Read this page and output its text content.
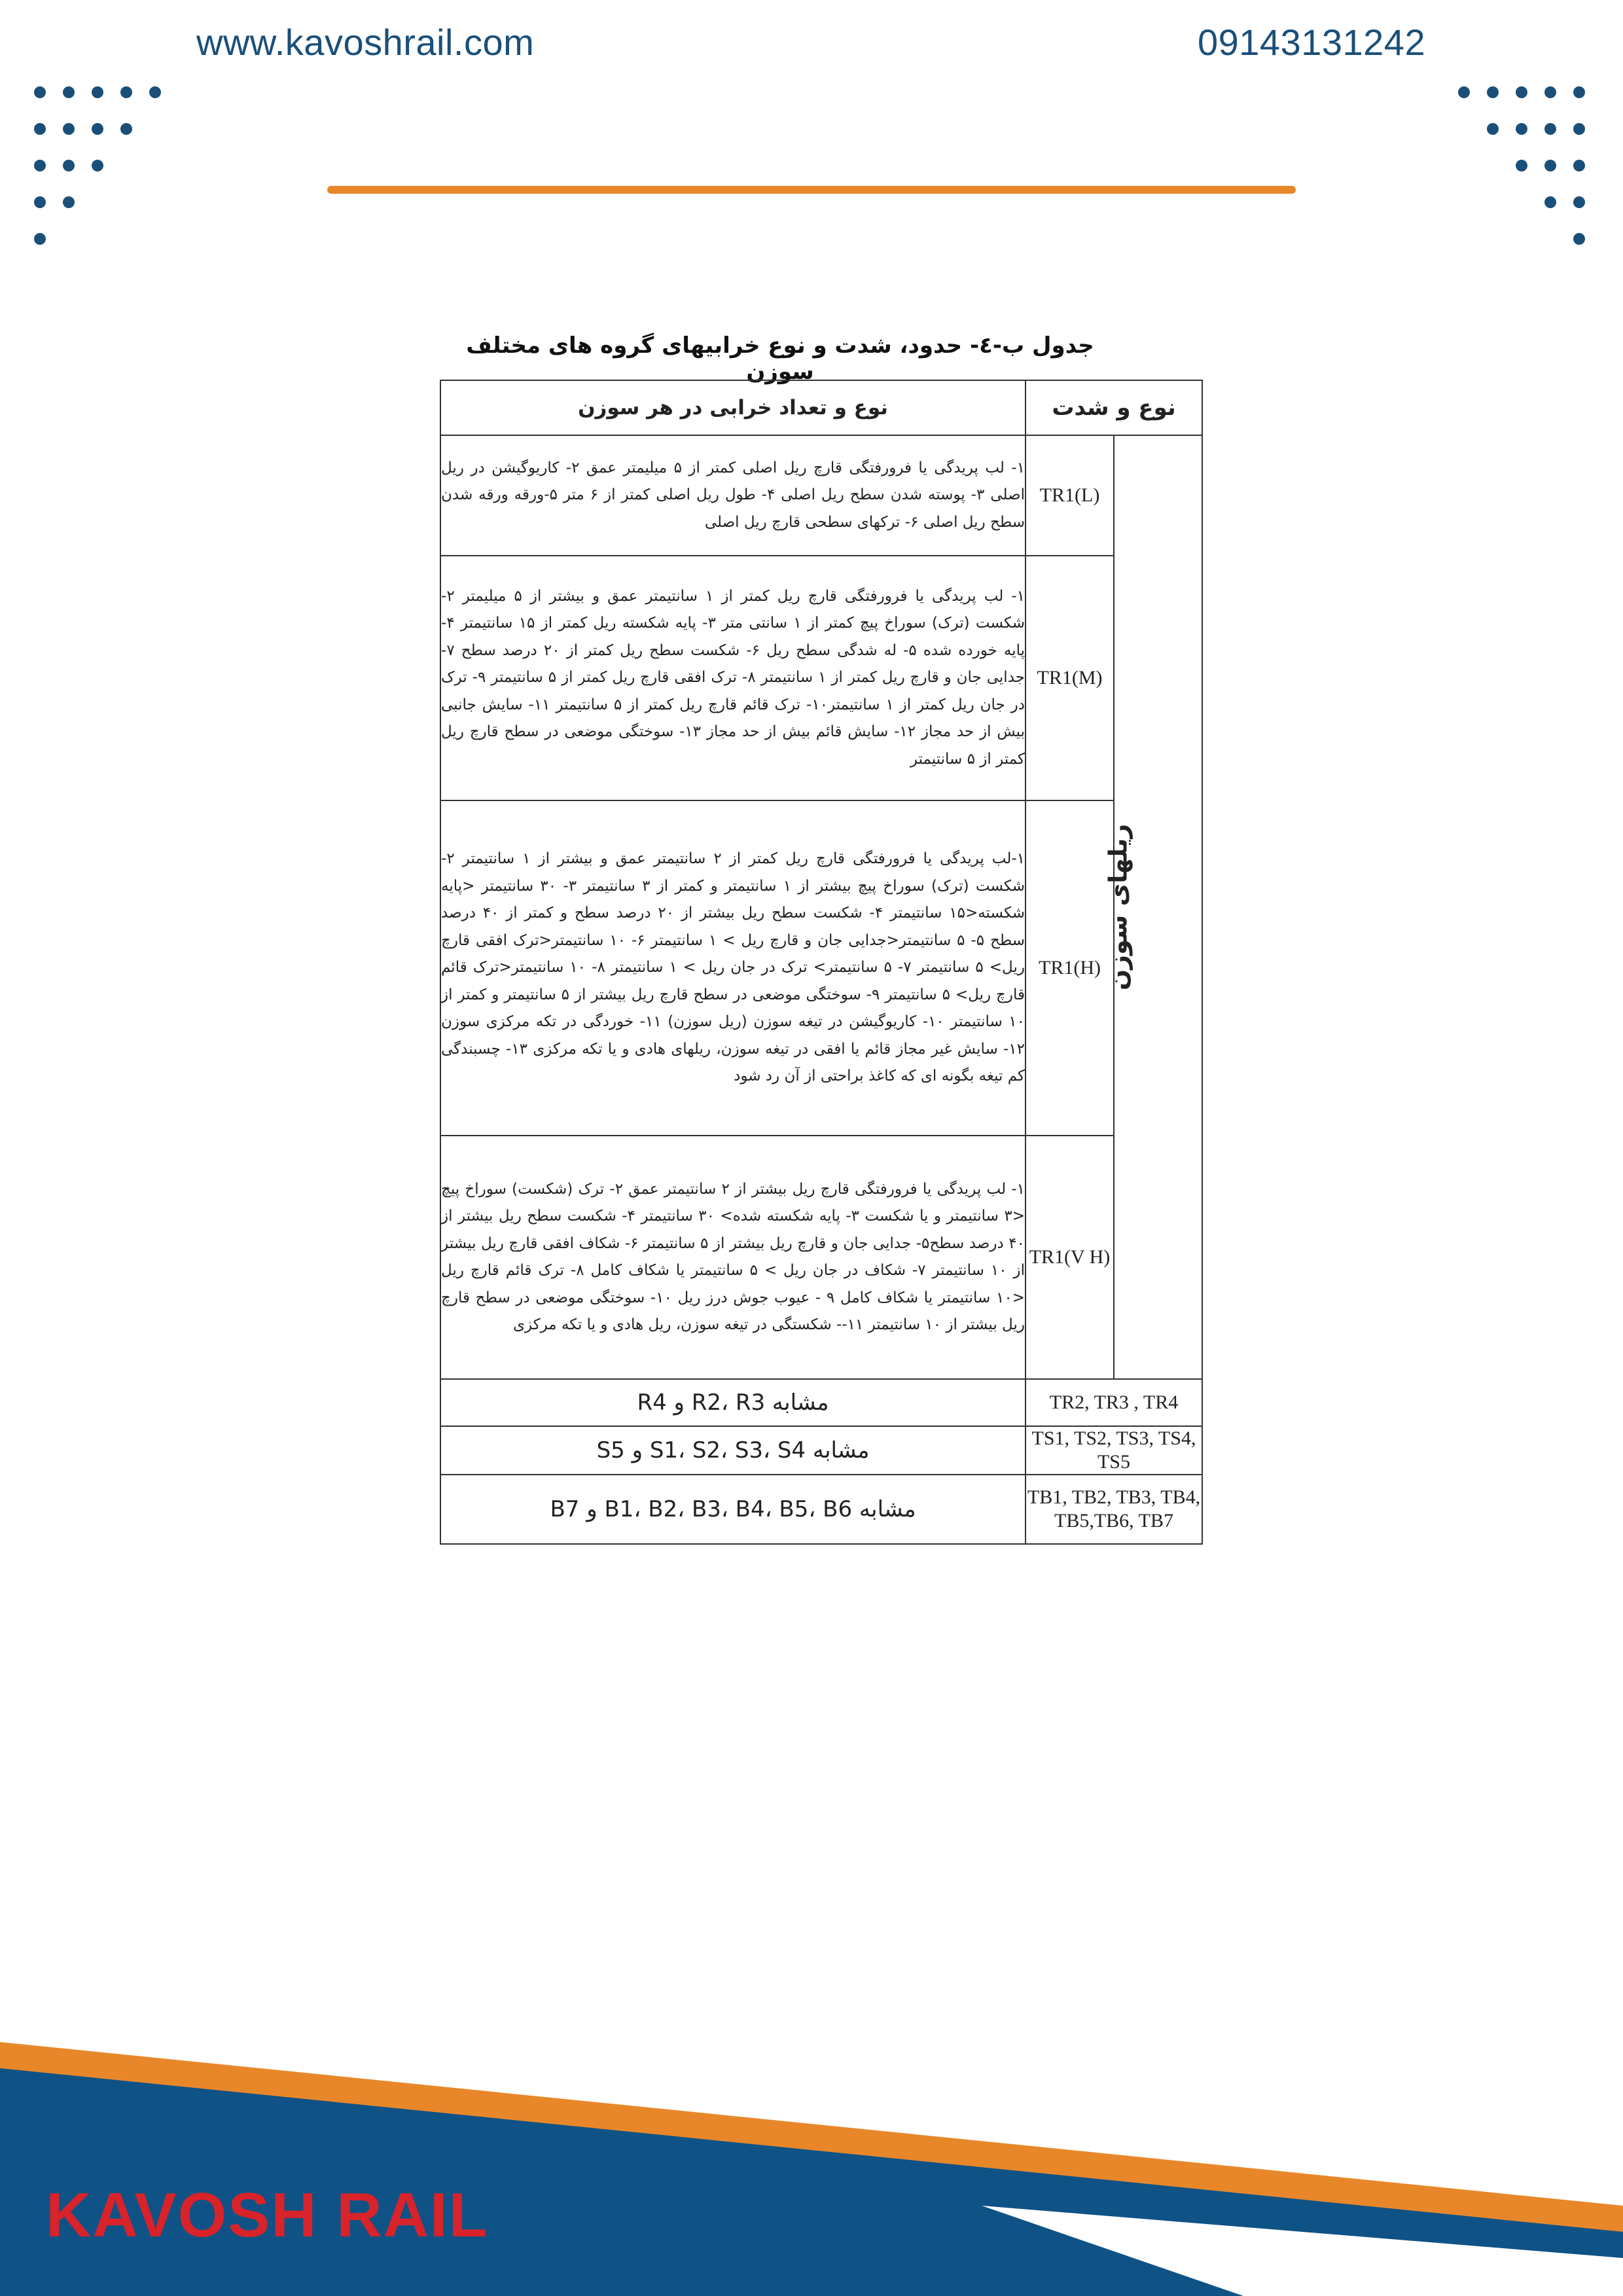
www.kavoshrail.com	09143131242
جدول ب-٤- حدود، شدت و نوع خرابیهای گروه های مختلف سوزن
نوع و شدت		نوع و تعداد خرابی در هر سوزن
ریلهای سوزن	TR1(L)	۱- لب پریدگی یا فرورفتگی قارچ ریل اصلی کمتر از ۵ میلیمتر عمق ۲- کاریوگیشن در ریل اصلی ۳- پوسته شدن سطح ریل اصلی ۴- طول ریل اصلی کمتر از ۶ متر ۵-ورقه ورقه شدن سطح ریل اصلی ۶- ترکهای سطحی قارچ ریل اصلی
	TR1(M)	۱- لب پریدگی یا فرورفتگی قارچ ریل کمتر از ۱ سانتیمتر عمق و بیشتر از ۵ میلیمتر ۲- شکست (ترک) سوراخ پیچ کمتر از ۱ سانتی متر ۳- پایه شکسته ریل کمتر از ۱۵ سانتیمتر ۴- پایه خورده شده ۵- له شدگی سطح ریل ۶- شکست سطح ریل کمتر از ۲۰ درصد سطح ۷- جدایی جان و قارچ ریل کمتر از ۱ سانتیمتر ۸- ترک افقی قارچ ریل کمتر از ۵ سانتیمتر ۹- ترک در جان ریل کمتر از ۱ سانتیمتر۱۰- ترک قائم قارچ ریل کمتر از ۵ سانتیمتر ۱۱- سایش جانبی بیش از حد مجاز ۱۲- سایش قائم بیش از حد مجاز ۱۳- سوختگی موضعی در سطح قارچ ریل کمتر از ۵ سانتیمتر
	TR1(H)	۱-لب پریدگی یا فرورفتگی قارچ ریل کمتر از ۲ سانتیمتر عمق و بیشتر از ۱ سانتیمتر ۲- شکست (ترک) سوراخ پیچ بیشتر از ۱ سانتیمتر و کمتر از ۳ سانتیمتر ۳- ۳۰ سانتیمتر <پایه شکسته<۱۵ سانتیمتر ۴- شکست سطح ریل بیشتر از ۲۰ درصد سطح و کمتر از ۴۰ درصد سطح ۵- ۵ سانتیمتر<جدایی جان و قارچ ریل > ۱ سانتیمتر ۶- ۱۰ سانتیمتر<ترک افقی قارچ ریل> ۵ سانتیمتر ۷- ۵ سانتیمتر> ترک در جان ریل > ۱ سانتیمتر ۸- ۱۰ سانتیمتر<ترک قائم قارچ ریل> ۵ سانتیمتر ۹- سوختگی موضعی در سطح قارچ ریل بیشتر از ۵ سانتیمتر و کمتر از ۱۰ سانتیمتر ۱۰- کاریوگیشن در تیغه سوزن (ریل سوزن) ۱۱- خوردگی در تکه مرکزی سوزن ۱۲- سایش غیر مجاز قائم یا افقی در تیغه سوزن، ریلهای هادی و یا تکه مرکزی ۱۳- چسبندگی کم تیغه بگونه ای که کاغذ براحتی از آن رد شود
	TR1(V H)	۱- لب پریدگی یا فرورفتگی قارچ ریل بیشتر از ۲ سانتیمتر عمق ۲- ترک (شکست) سوراخ پیچ <۳ سانتیمتر و یا شکست ۳- پایه شکسته شده> ۳۰ سانتیمتر ۴- شکست سطح ریل بیشتر از ۴۰ درصد سطح۵- جدایی جان و قارچ ریل بیشتر از ۵ سانتیمتر ۶- شکاف افقی قارچ ریل بیشتر از ۱۰ سانتیمتر ۷- شکاف در جان ریل > ۵ سانتیمتر یا شکاف کامل ۸- ترک قائم قارچ ریل <۱۰ سانتیمتر یا شکاف کامل ۹ - عیوب جوش درز ریل ۱۰- سوختگی موضعی در سطح قارچ ریل بیشتر از ۱۰ سانتیمتر ۱۱-- شکستگی در تیغه سوزن، ریل هادی و یا تکه مرکزی
TR2, TR3 , TR4		مشابه R2، R3 و R4
TS1, TS2, TS3, TS4, TS5		مشابه S1، S2، S3، S4 و S5
TB1, TB2, TB3, TB4, TB5,TB6, TB7		مشابه B1، B2، B3، B4، B5، B6 و B7
KAVOSH RAIL
